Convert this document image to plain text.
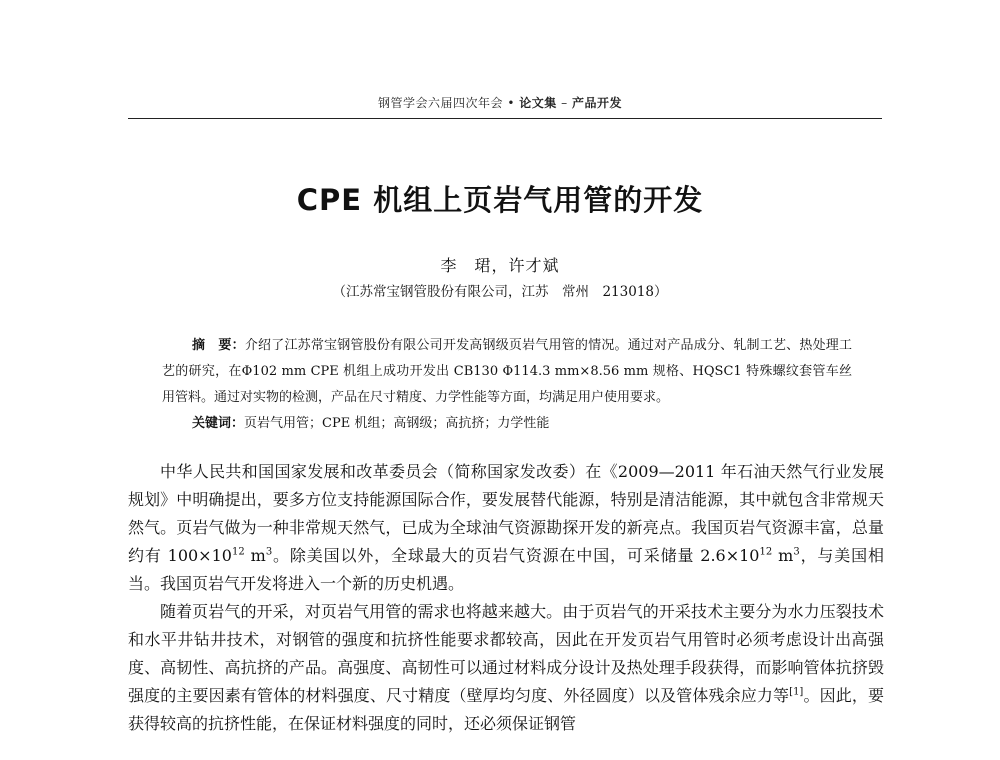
钢管学会六届四次年会 • 论文集 – 产品开发
CPE 机组上页岩气用管的开发
李　珺，许才斌
（江苏常宝钢管股份有限公司，江苏　常州　213018）

摘　要：介绍了江苏常宝钢管股份有限公司开发高钢级页岩气用管的情况。通过对产品成分、轧制工艺、热处理工艺的研究，在Φ102 mm CPE 机组上成功开发出 CB130 Φ114.3 mm×8.56 mm 规格、HQSC1 特殊螺纹套管车丝用管料。通过对实物的检测，产品在尺寸精度、力学性能等方面，均满足用户使用要求。

关键词：页岩气用管；CPE 机组；高钢级；高抗挤；力学性能

中华人民共和国国家发展和改革委员会（简称国家发改委）在《2009—2011 年石油天然气行业发展规划》中明确提出，要多方位支持能源国际合作，要发展替代能源，特别是清洁能源，其中就包含非常规天然气。页岩气做为一种非常规天然气，已成为全球油气资源勘探开发的新亮点。我国页岩气资源丰富，总量约有 $100\times 10^{12}$ $m^3$。除美国以外，全球最大的页岩气资源在中国，可采储量 $2.6\times 10^{12}$ $m^3$，与美国相当。我国页岩气开发将进入一个新的历史机遇。

随着页岩气的开采，对页岩气用管的需求也将越来越大。由于页岩气的开采技术主要分为水力压裂技术和水平井钻井技术，对钢管的强度和抗挤性能要求都较高，因此在开发页岩气用管时必须考虑设计出高强度、高韧性、高抗挤的产品。高强度、高韧性可以通过材料成分设计及热处理手段获得，而影响管体抗挤毁强度的主要因素有管体的材料强度、尺寸精度（壁厚均匀度、外径圆度）以及管体残余应力等[1]。因此，要获得较高的抗挤性能，在保证材料强度的同时，还必须保证钢管
